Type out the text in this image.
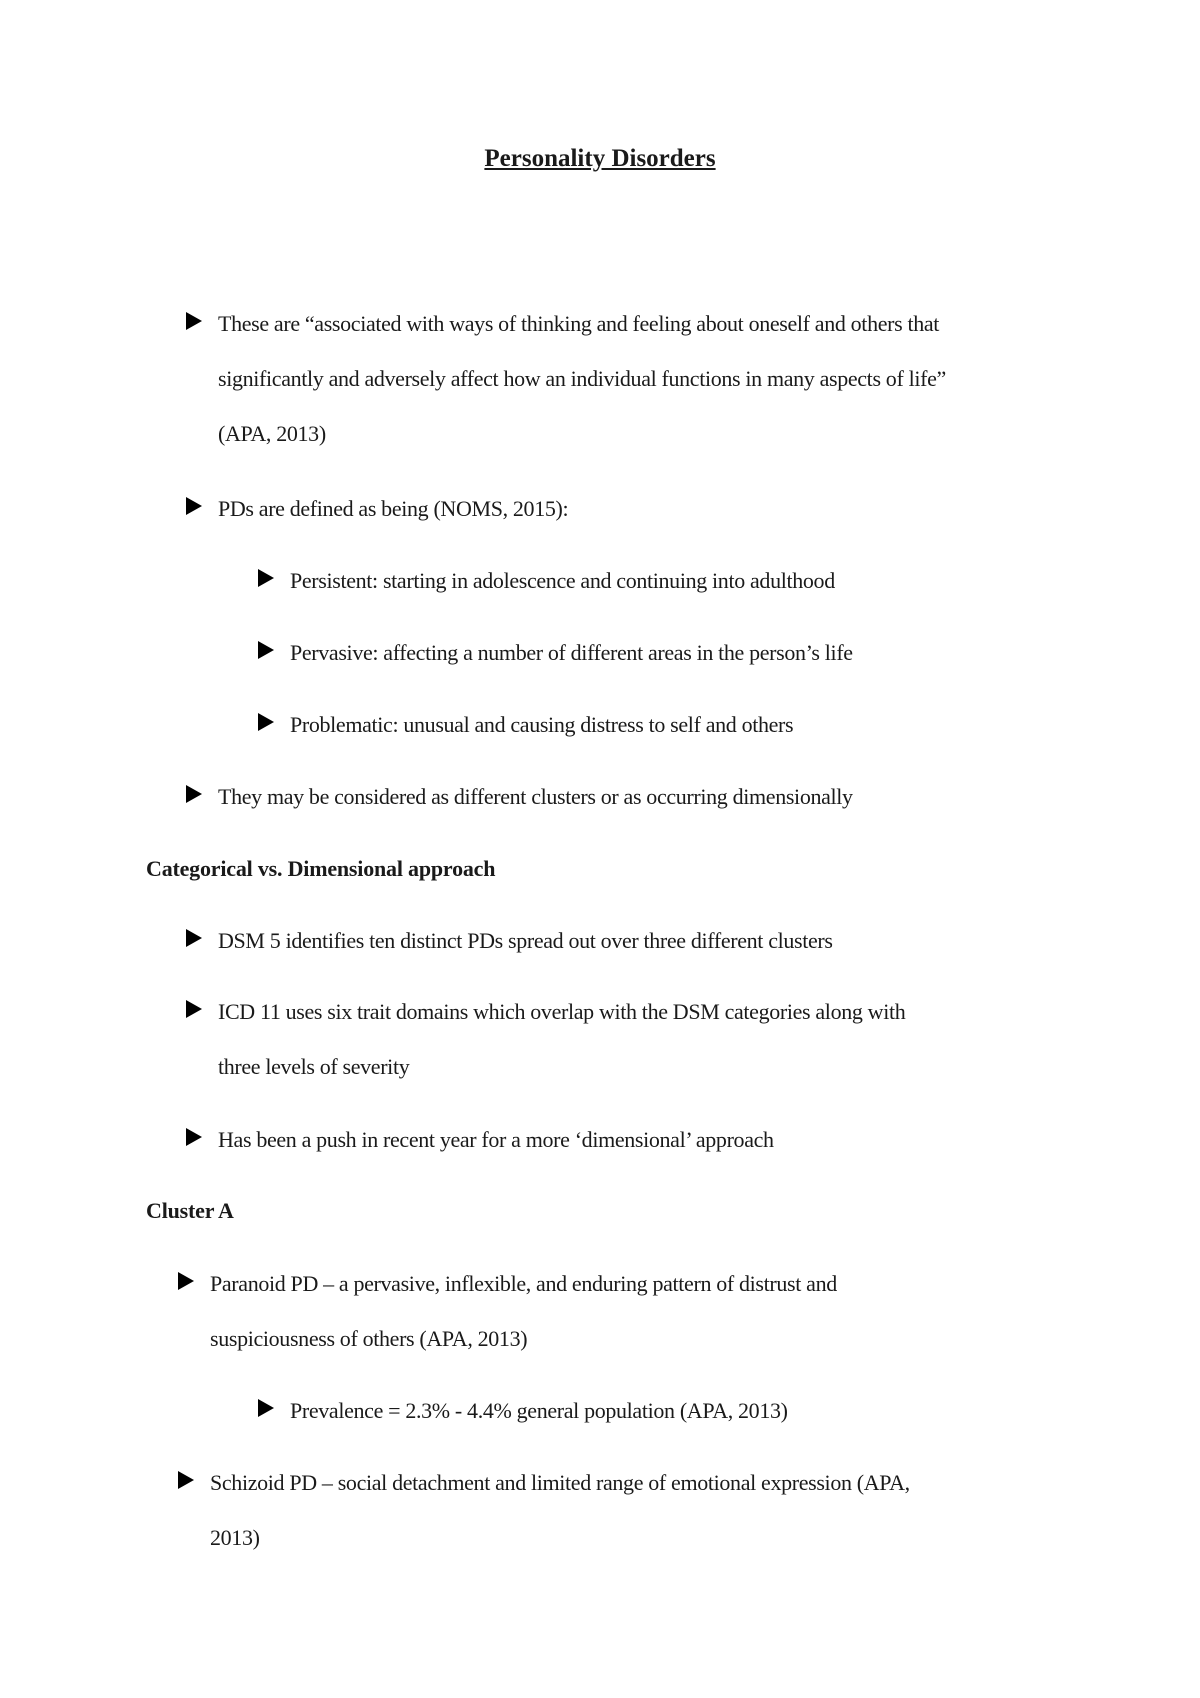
Personality Disorders
These are “associated with ways of thinking and feeling about oneself and others that
significantly and adversely affect how an individual functions in many aspects of life”
(APA, 2013)
PDs are defined as being (NOMS, 2015):
Persistent: starting in adolescence and continuing into adulthood
Pervasive: affecting a number of different areas in the person’s life
Problematic: unusual and causing distress to self and others
They may be considered as different clusters or as occurring dimensionally
Categorical vs. Dimensional approach
DSM 5 identifies ten distinct PDs spread out over three different clusters
ICD 11 uses six trait domains which overlap with the DSM categories along with
three levels of severity
Has been a push in recent year for a more ‘dimensional’ approach
Cluster A
Paranoid PD – a pervasive, inflexible, and enduring pattern of distrust and
suspiciousness of others (APA, 2013)
Prevalence = 2.3% - 4.4% general population (APA, 2013)
Schizoid PD – social detachment and limited range of emotional expression (APA,
2013)
